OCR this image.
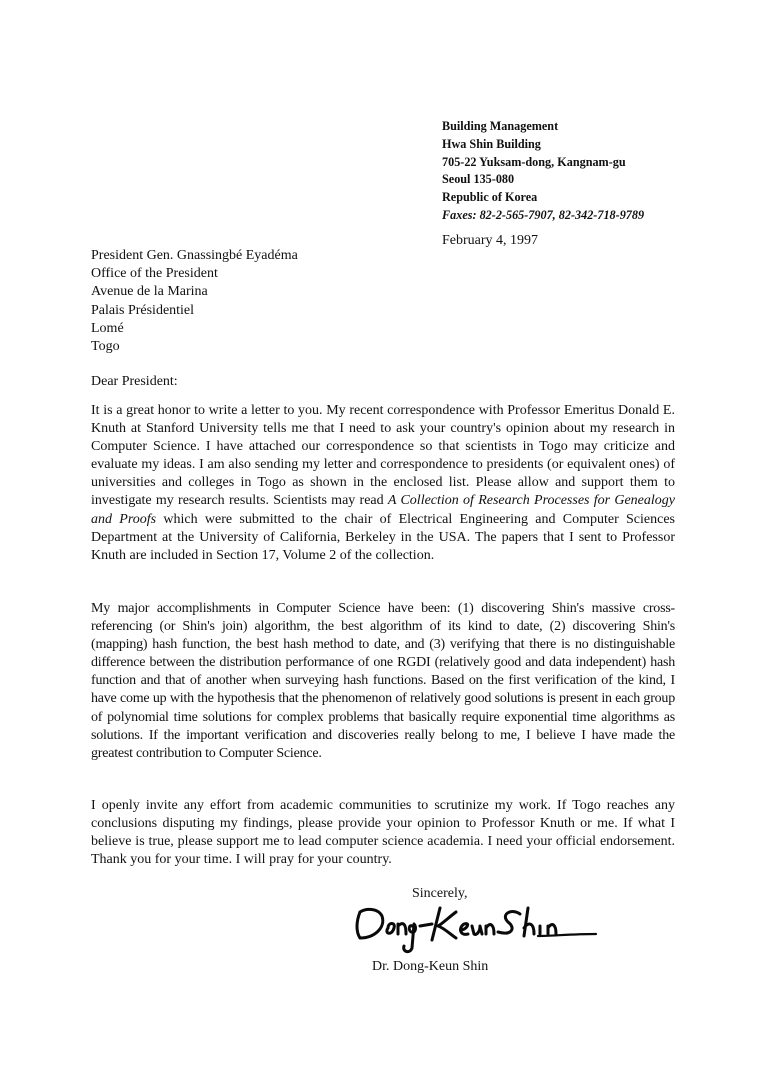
Building Management
Hwa Shin Building
705-22 Yuksam-dong, Kangnam-gu
Seoul 135-080
Republic of Korea
Faxes: 82-2-565-7907, 82-342-718-9789
February 4, 1997
President Gen. Gnassingbé Eyadéma
Office of the President
Avenue de la Marina
Palais Présidentiel
Lomé
Togo
Dear President:

It is a great honor to write a letter to you. My recent correspondence with Professor Emeritus Donald E. Knuth at Stanford University tells me that I need to ask your country's opinion about my research in Computer Science. I have attached our correspondence so that scientists in Togo may criticize and evaluate my ideas. I am also sending my letter and correspondence to presidents (or equivalent ones) of universities and colleges in Togo as shown in the enclosed list. Please allow and support them to investigate my research results. Scientists may read A Collection of Research Processes for Genealogy and Proofs which were submitted to the chair of Electrical Engineering and Computer Sciences Department at the University of California, Berkeley in the USA. The papers that I sent to Professor Knuth are included in Section 17, Volume 2 of the collection.

My major accomplishments in Computer Science have been: (1) discovering Shin's massive cross-referencing (or Shin's join) algorithm, the best algorithm of its kind to date, (2) discovering Shin's (mapping) hash function, the best hash method to date, and (3) verifying that there is no distinguishable difference between the distribution performance of one RGDI (relatively good and data independent) hash function and that of another when surveying hash functions. Based on the first verification of the kind, I have come up with the hypothesis that the phenomenon of relatively good solutions is present in each group of polynomial time solutions for complex problems that basically require exponential time algorithms as solutions. If the important verification and discoveries really belong to me, I believe I have made the greatest contribution to Computer Science.

I openly invite any effort from academic communities to scrutinize my work. If Togo reaches any conclusions disputing my findings, please provide your opinion to Professor Knuth or me. If what I believe is true, please support me to lead computer science academia. I need your official endorsement. Thank you for your time. I will pray for your country.

Sincerely,
Dr. Dong-Keun Shin
